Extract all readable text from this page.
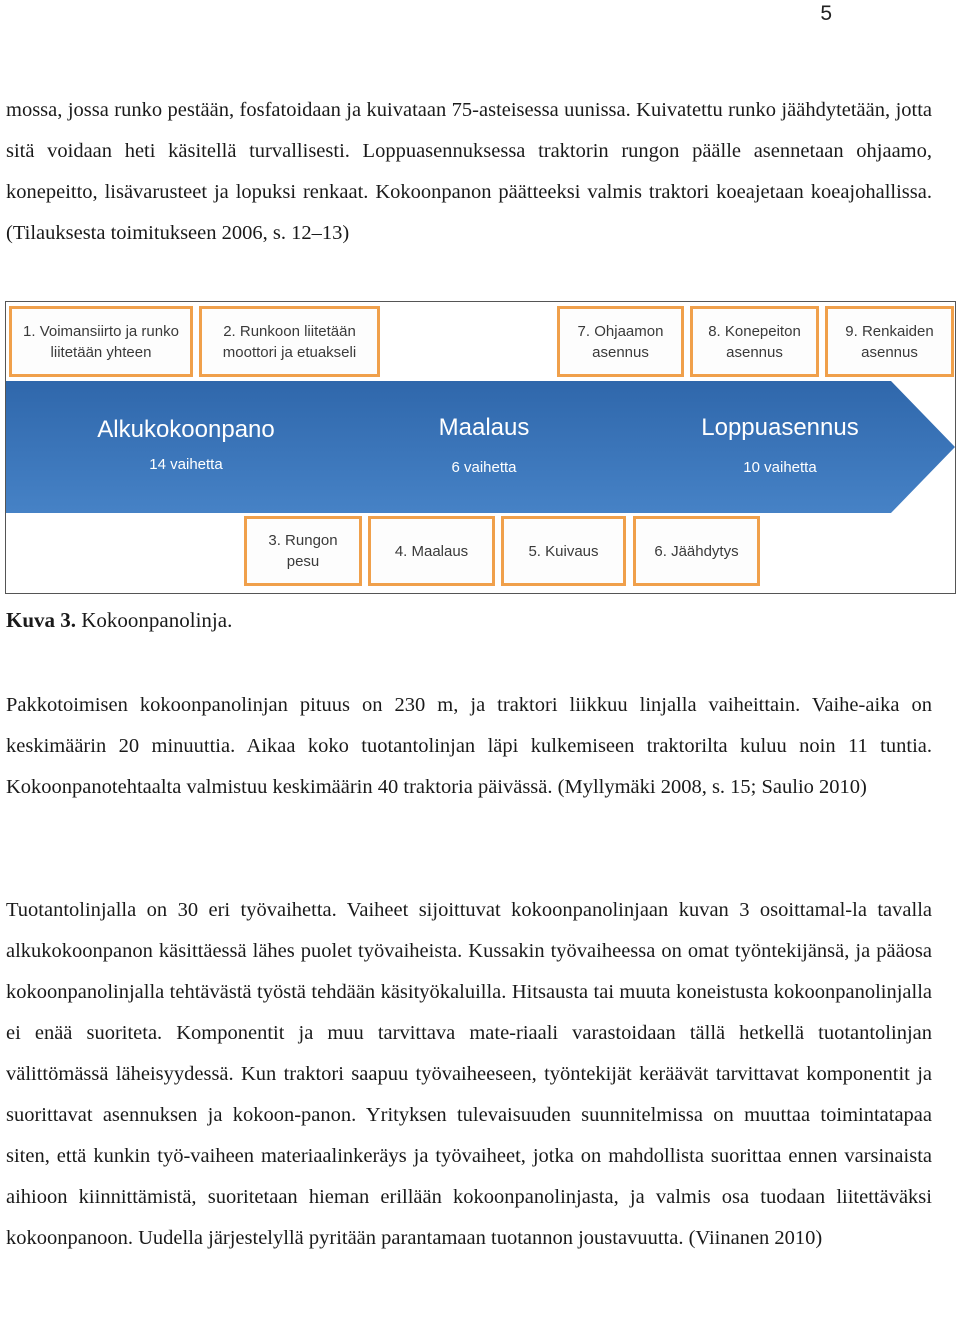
5

mossa, jossa runko pestään, fosfatoidaan ja kuivataan 75-asteisessa uunissa. Kuivatettu runko jäähdytetään, jotta sitä voidaan heti käsitellä turvallisesti. Loppuasennuksessa traktorin rungon päälle asennetaan ohjaamo, konepeitto, lisävarusteet ja lopuksi renkaat. Kokoonpanon päätteeksi valmis traktori koeajetaan koeajohallissa. (Tilauksesta toimitukseen 2006, s. 12–13)

1. Voimansiirto ja runko liitetään yhteen
2. Runkoon liitetään moottori ja etuakseli
7. Ohjaamon asennus
8. Konepeiton asennus
9. Renkaiden asennus
Alkukokoonpano
14 vaihetta
Maalaus
6 vaihetta
Loppuasennus
10 vaihetta
3. Rungon pesu
4. Maalaus	5. Kuivaus	6. Jäähdytys

Kuva 3. Kokoonpanolinja.

Pakkotoimisen kokoonpanolinjan pituus on 230 m, ja traktori liikkuu linjalla vaiheittain. Vaihe-aika on keskimäärin 20 minuuttia. Aikaa koko tuotantolinjan läpi kulkemiseen traktorilta kuluu noin 11 tuntia. Kokoonpanotehtaalta valmistuu keskimäärin 40 traktoria päivässä. (Myllymäki 2008, s. 15; Saulio 2010)

Tuotantolinjalla on 30 eri työvaihetta. Vaiheet sijoittuvat kokoonpanolinjaan kuvan 3 osoittamal-la tavalla alkukokoonpanon käsittäessä lähes puolet työvaiheista. Kussakin työvaiheessa on omat työntekijänsä, ja pääosa kokoonpanolinjalla tehtävästä työstä tehdään käsityökaluilla. Hitsausta tai muuta koneistusta kokoonpanolinjalla ei enää suoriteta. Komponentit ja muu tarvittava mate-riaali varastoidaan tällä hetkellä tuotantolinjan välittömässä läheisyydessä. Kun traktori saapuu työvaiheeseen, työntekijät keräävät tarvittavat komponentit ja suorittavat asennuksen ja kokoon-panon. Yrityksen tulevaisuuden suunnitelmissa on muuttaa toimintatapaa siten, että kunkin työ-vaiheen materiaalinkeräys ja työvaiheet, jotka on mahdollista suorittaa ennen varsinaista aihioon kiinnittämistä, suoritetaan hieman erillään kokoonpanolinjasta, ja valmis osa tuodaan liitettäväksi kokoonpanoon. Uudella järjestelyllä pyritään parantamaan tuotannon joustavuutta. (Viinanen 2010)
